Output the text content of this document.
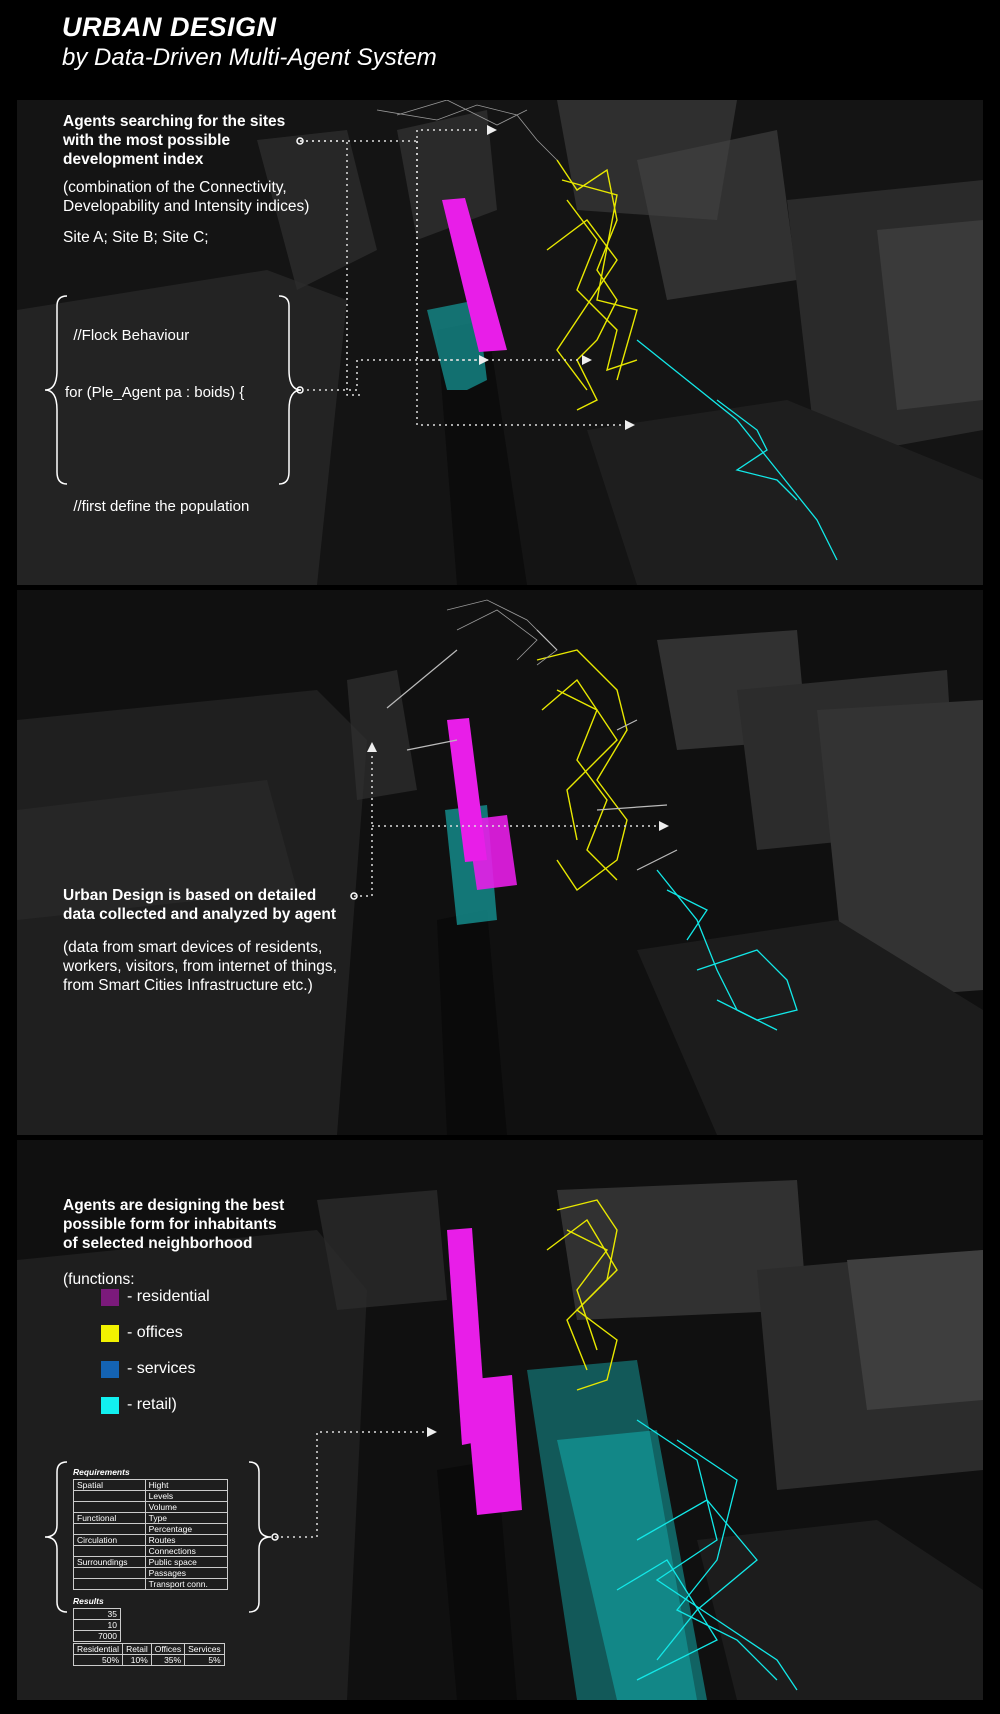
URBAN DESIGN
by Data-Driven Multi-Agent System
Agents searching for the sites
with the most possible
development index
(combination of the Connectivity,
Developability and Intensity indices)
Site A; Site B; Site C;

//Flock Behaviour

for (Ple_Agent pa : boids) {

//first define the population

Urban Design is based on detailed
data collected and analyzed by agent
(data from smart devices of residents,
workers, visitors, from internet of things,
from Smart Cities Infrastructure etc.)
Agents are designing the best
possible form for inhabitants
of selected neighborhood
(functions:
- residential
- offices
- services
- retail)
Requirements
Spatial	Hight
	Levels
	Volume
Functional	Type
	Percentage
Circulation	Routes
	Connections
Surroundings	Public space
	Passages
	Transport conn.
Results
35
10
7000
Residential	Retail	Offices	Services
50%	10%	35%	5%
